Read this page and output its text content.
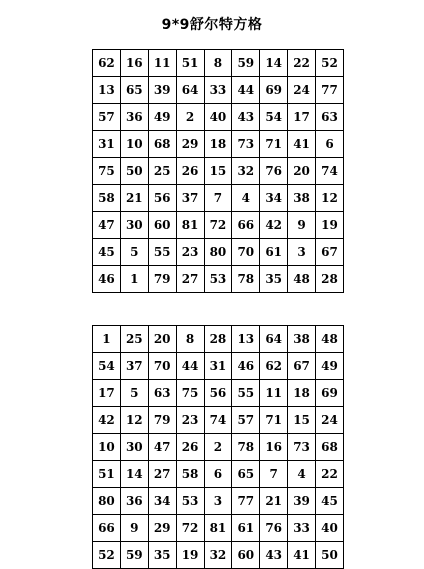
9*9舒尔特方格
62	16	11	51	8	59	14	22	52
13	65	39	64	33	44	69	24	77
57	36	49	2	40	43	54	17	63
31	10	68	29	18	73	71	41	6
75	50	25	26	15	32	76	20	74
58	21	56	37	7	4	34	38	12
47	30	60	81	72	66	42	9	19
45	5	55	23	80	70	61	3	67
46	1	79	27	53	78	35	48	28
1	25	20	8	28	13	64	38	48
54	37	70	44	31	46	62	67	49
17	5	63	75	56	55	11	18	69
42	12	79	23	74	57	71	15	24
10	30	47	26	2	78	16	73	68
51	14	27	58	6	65	7	4	22
80	36	34	53	3	77	21	39	45
66	9	29	72	81	61	76	33	40
52	59	35	19	32	60	43	41	50
